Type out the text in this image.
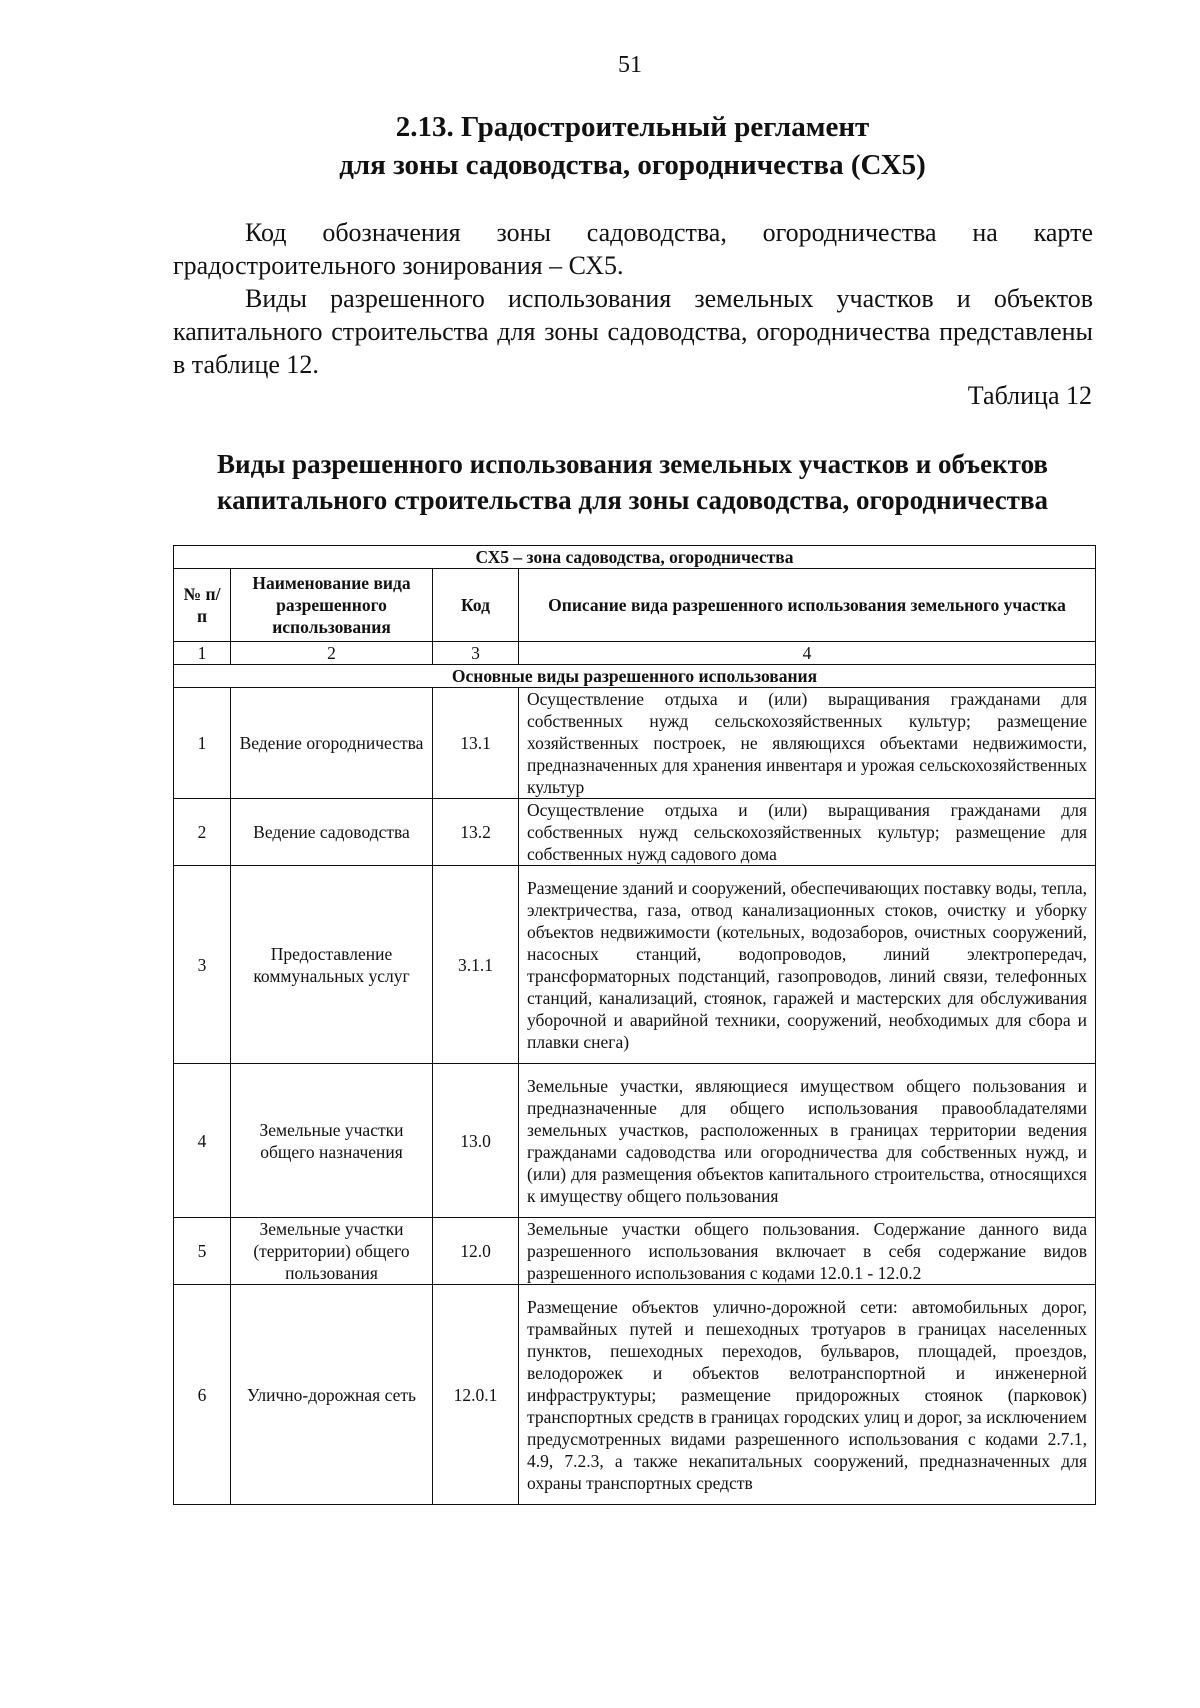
51
2.13. Градостроительный регламент
для зоны садоводства, огородничества (СХ5)
Код обозначения зоны садоводства, огородничества на карте градостроительного зонирования – СХ5.
Виды разрешенного использования земельных участков и объектов капитального строительства для зоны садоводства, огородничества представлены в таблице 12.
Таблица 12
Виды разрешенного использования земельных участков и объектов
капитального строительства для зоны садоводства, огородничества
СХ5 – зона садоводства, огородничества			
№ п/п	Наименование вида разрешенного использования	Код	Описание вида разрешенного использования земельного участка
1	2	3	4
Основные виды разрешенного использования			
1	Ведение огородничества	13.1	Осуществление отдыха и (или) выращивания гражданами для собственных нужд сельскохозяйственных культур; размещение хозяйственных построек, не являющихся объектами недвижимости, предназначенных для хранения инвентаря и урожая сельскохозяйственных культур
2	Ведение садоводства	13.2	Осуществление отдыха и (или) выращивания гражданами для собственных нужд сельскохозяйственных культур; размещение для собственных нужд садового дома
3	Предоставление коммунальных услуг	3.1.1	Размещение зданий и сооружений, обеспечивающих поставку воды, тепла, электричества, газа, отвод канализационных стоков, очистку и уборку объектов недвижимости (котельных, водозаборов, очистных сооружений, насосных станций, водопроводов, линий электропередач, трансформаторных подстанций, газопроводов, линий связи, телефонных станций, канализаций, стоянок, гаражей и мастерских для обслуживания уборочной и аварийной техники, сооружений, необходимых для сбора и плавки снега)
4	Земельные участки общего назначения	13.0	Земельные участки, являющиеся имуществом общего пользования и предназначенные для общего использования правообладателями земельных участков, расположенных в границах территории ведения гражданами садоводства или огородничества для собственных нужд, и (или) для размещения объектов капитального строительства, относящихся к имуществу общего пользования
5	Земельные участки (территории) общего пользования	12.0	Земельные участки общего пользования. Содержание данного вида разрешенного использования включает в себя содержание видов разрешенного использования с кодами 12.0.1 - 12.0.2
6	Улично-дорожная сеть	12.0.1	Размещение объектов улично-дорожной сети: автомобильных дорог, трамвайных путей и пешеходных тротуаров в границах населенных пунктов, пешеходных переходов, бульваров, площадей, проездов, велодорожек и объектов велотранспортной и инженерной инфраструктуры; размещение придорожных стоянок (парковок) транспортных средств в границах городских улиц и дорог, за исключением предусмотренных видами разрешенного использования с кодами 2.7.1, 4.9, 7.2.3, а также некапитальных сооружений, предназначенных для охраны транспортных средств
